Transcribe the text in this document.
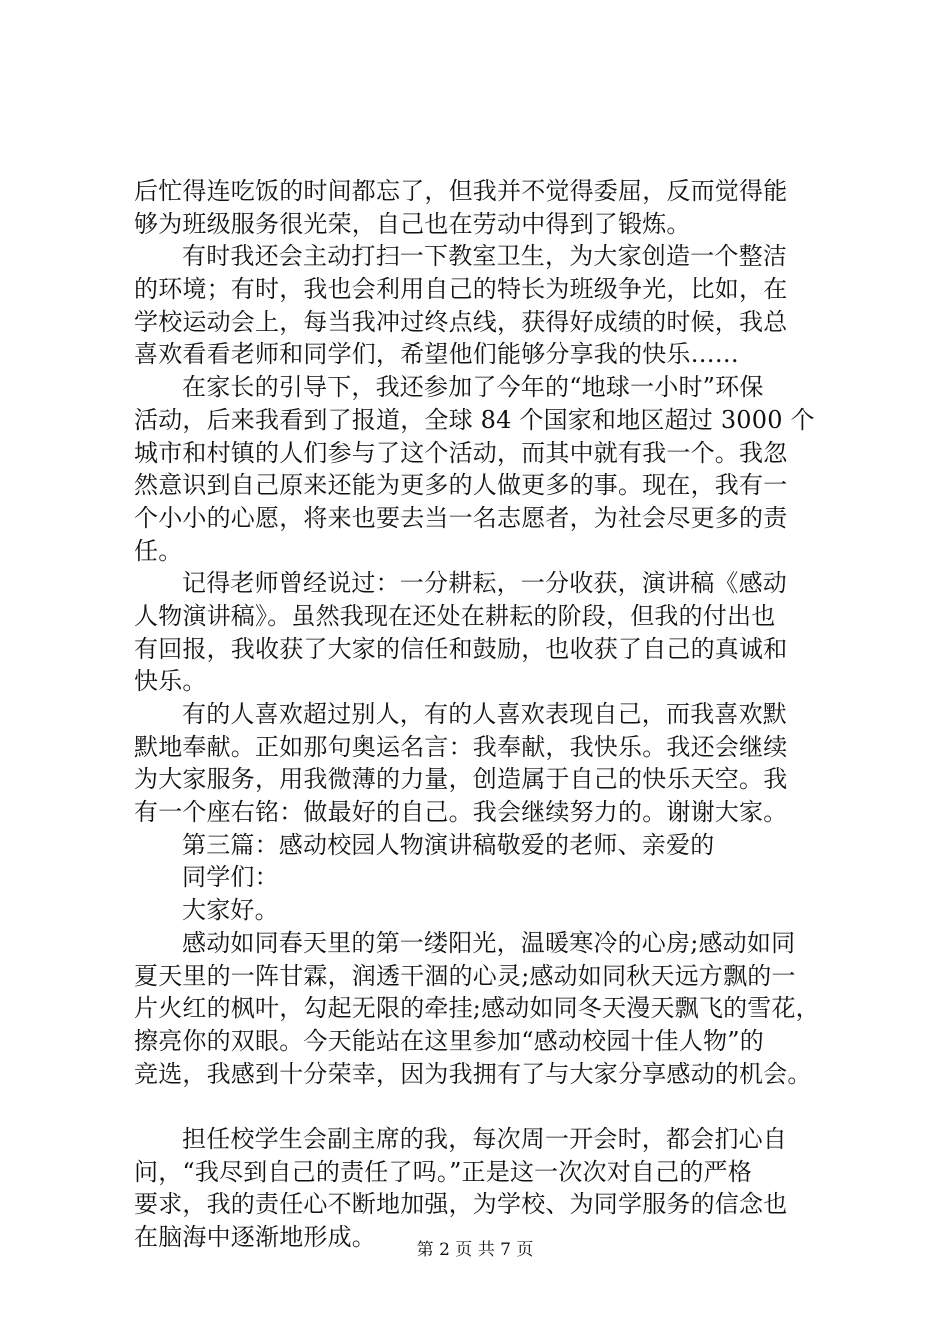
后忙得连吃饭的时间都忘了，但我并不觉得委屈，反而觉得能
够为班级服务很光荣，自己也在劳动中得到了锻炼。
有时我还会主动打扫一下教室卫生，为大家创造一个整洁
的环境；有时，我也会利用自己的特长为班级争光，比如，在
学校运动会上，每当我冲过终点线，获得好成绩的时候，我总
喜欢看看老师和同学们，希望他们能够分享我的快乐……
在家长的引导下，我还参加了今年的“地球一小时”环保
活动，后来我看到了报道，全球 84 个国家和地区超过 3000 个
城市和村镇的人们参与了这个活动，而其中就有我一个。我忽
然意识到自己原来还能为更多的人做更多的事。现在，我有一
个小小的心愿，将来也要去当一名志愿者，为社会尽更多的责
任。
记得老师曾经说过：一分耕耘，一分收获，演讲稿《感动
人物演讲稿》。虽然我现在还处在耕耘的阶段，但我的付出也
有回报，我收获了大家的信任和鼓励，也收获了自己的真诚和
快乐。
有的人喜欢超过别人，有的人喜欢表现自己，而我喜欢默
默地奉献。正如那句奥运名言：我奉献，我快乐。我还会继续
为大家服务，用我微薄的力量，创造属于自己的快乐天空。我
有一个座右铭：做最好的自己。我会继续努力的。谢谢大家。
第三篇：感动校园人物演讲稿敬爱的老师、亲爱的
同学们：
大家好。
感动如同春天里的第一缕阳光，温暖寒冷的心房;感动如同
夏天里的一阵甘霖，润透干涸的心灵;感动如同秋天远方飘的一
片火红的枫叶，勾起无限的牵挂;感动如同冬天漫天飘飞的雪花，
擦亮你的双眼。今天能站在这里参加“感动校园十佳人物”的
竞选，我感到十分荣幸，因为我拥有了与大家分享感动的机会。
担任校学生会副主席的我，每次周一开会时，都会扪心自
问，“我尽到自己的责任了吗。”正是这一次次对自己的严格
要求，我的责任心不断地加强，为学校、为同学服务的信念也
在脑海中逐渐地形成。	第 2 页 共 7 页
